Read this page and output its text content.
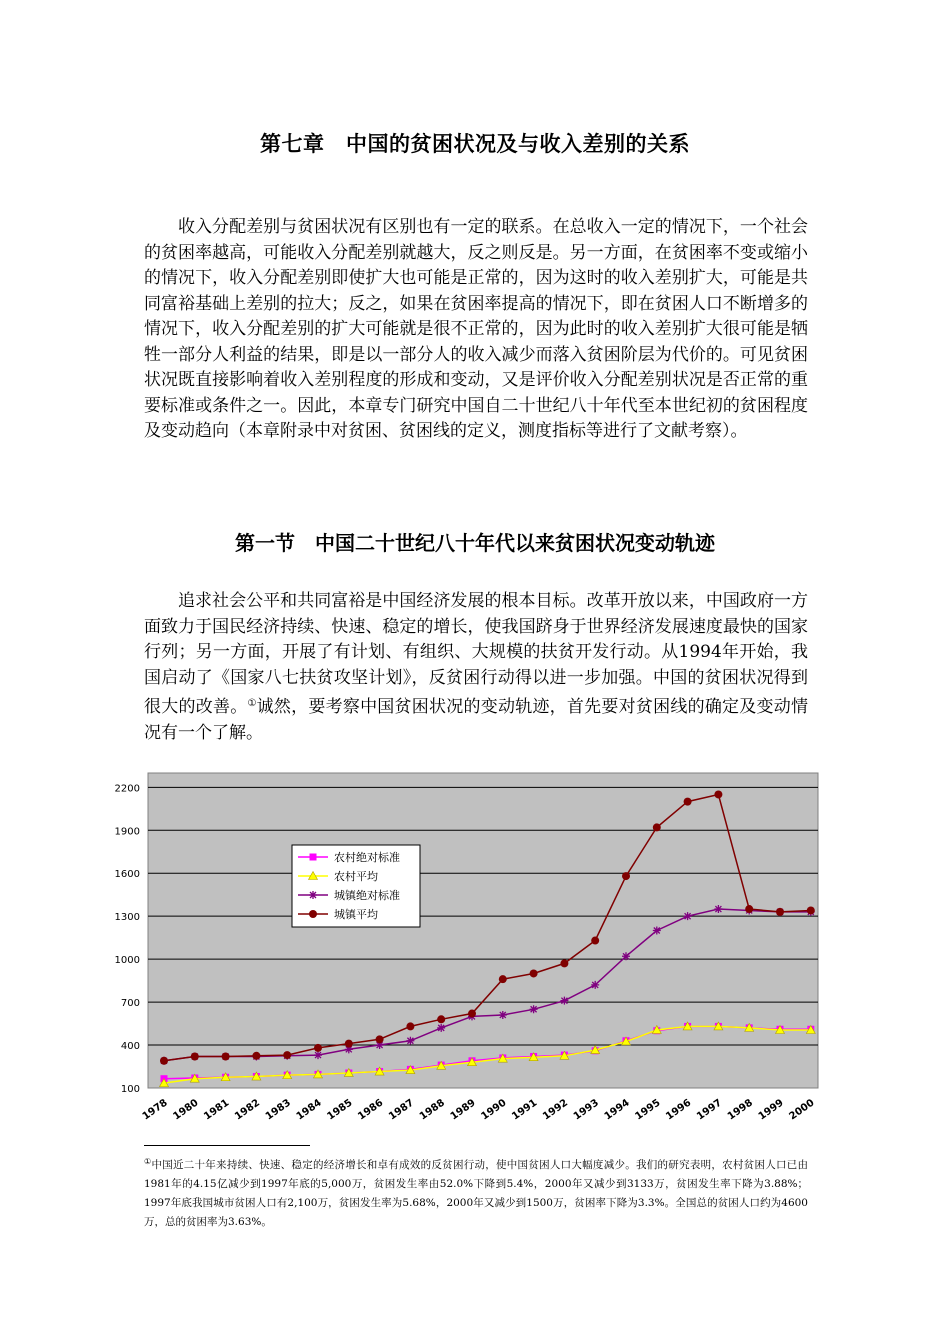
第七章　中国的贫困状况及与收入差别的关系

收入分配差别与贫困状况有区别也有一定的联系。在总收入一定的情况下，一个社会的贫困率越高，可能收入分配差别就越大，反之则反是。另一方面，在贫困率不变或缩小的情况下，收入分配差别即使扩大也可能是正常的，因为这时的收入差别扩大，可能是共同富裕基础上差别的拉大；反之，如果在贫困率提高的情况下，即在贫困人口不断增多的情况下，收入分配差别的扩大可能就是很不正常的，因为此时的收入差别扩大很可能是牺牲一部分人利益的结果，即是以一部分人的收入减少而落入贫困阶层为代价的。可见贫困状况既直接影响着收入差别程度的形成和变动，又是评价收入分配差别状况是否正常的重要标准或条件之一。因此，本章专门研究中国自二十世纪八十年代至本世纪初的贫困程度及变动趋向（本章附录中对贫困、贫困线的定义，测度指标等进行了文献考察）。

第一节　中国二十世纪八十年代以来贫困状况变动轨迹

追求社会公平和共同富裕是中国经济发展的根本目标。改革开放以来，中国政府一方面致力于国民经济持续、快速、稳定的增长，使我国跻身于世界经济发展速度最快的国家行列；另一方面，开展了有计划、有组织、大规模的扶贫开发行动。从1994年开始，我国启动了《国家八七扶贫攻坚计划》，反贫困行动得以进一步加强。中国的贫困状况得到很大的改善。①诚然，要考察中国贫困状况的变动轨迹，首先要对贫困线的确定及变动情况有一个了解。

100
400
700
1000
1300
1600
1900
2200
1978 1980 1981 1982 1983 1984 1985 1986 1987 1988 1989 1990 1991 1992 1993 1994 1995 1996 1997 1998 1999 2000
农村绝对标准
农村平均
城镇绝对标准
城镇平均

①中国近二十年来持续、快速、稳定的经济增长和卓有成效的反贫困行动，使中国贫困人口大幅度减少。我们的研究表明，农村贫困人口已由1981年的4.15亿减少到1997年底的5,000万，贫困发生率由52.0%下降到5.4%，2000年又减少到3133万，贫困发生率下降为3.88%；1997年底我国城市贫困人口有2,100万，贫困发生率为5.68%，2000年又减少到1500万，贫困率下降为3.3%。全国总的贫困人口约为4600万，总的贫困率为3.63%。
